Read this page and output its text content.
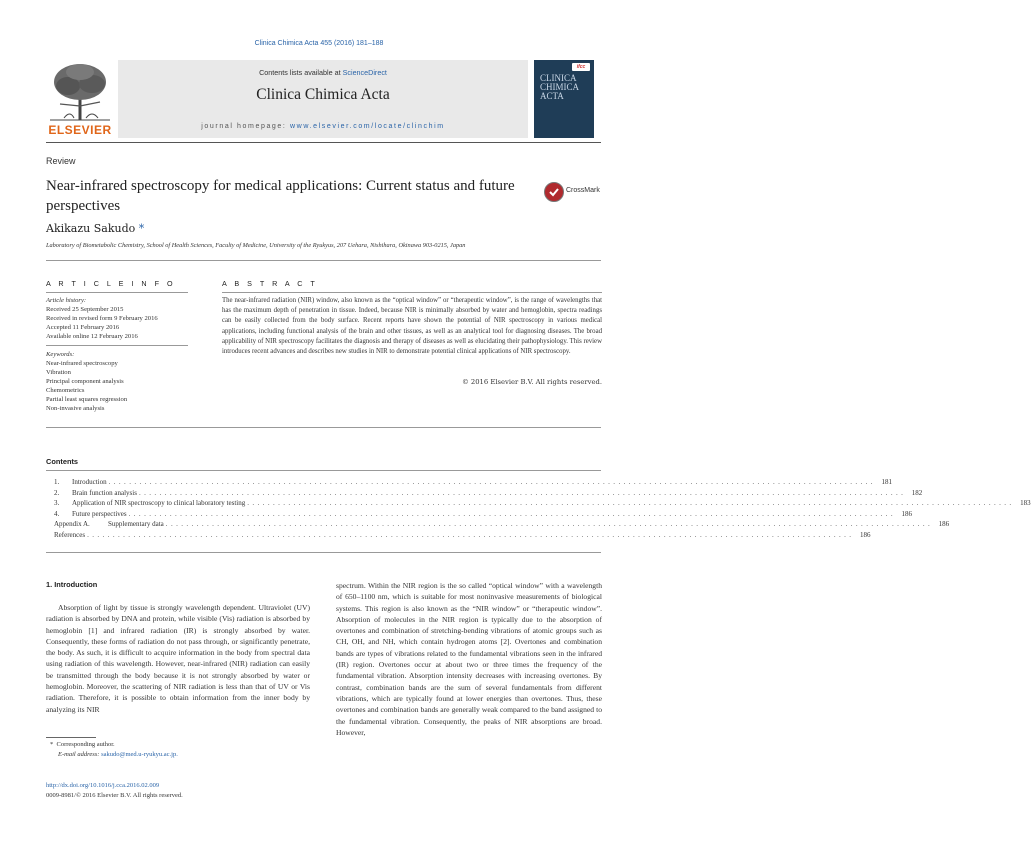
Clinica Chimica Acta 455 (2016) 181–188
ELSEVIER
Contents lists available at ScienceDirect
Clinica Chimica Acta
journal homepage: www.elsevier.com/locate/clinchim
ifcc
CLINICA CHIMICA ACTA
Review
Near-infrared spectroscopy for medical applications: Current status and future perspectives
CrossMark
Akikazu Sakudo *
Laboratory of Biometabolic Chemistry, School of Health Sciences, Faculty of Medicine, University of the Ryukyus, 207 Uehara, Nishihara, Okinawa 903-0215, Japan
A R T I C L E I N F O	A B S T R A C T
Article history:
Received 25 September 2015
Received in revised form 9 February 2016
Accepted 11 February 2016
Available online 12 February 2016
Keywords:
Near-infrared spectroscopy
Vibration
Principal component analysis
Chemometrics
Partial least squares regression
Non-invasive analysis
The near-infrared radiation (NIR) window, also known as the “optical window” or “therapeutic window”, is the range of wavelengths that has the maximum depth of penetration in tissue. Indeed, because NIR is minimally absorbed by water and hemoglobin, spectra readings can be easily collected from the body surface. Recent reports have shown the potential of NIR spectroscopy in various medical applications, including functional analysis of the brain and other tissues, as well as an analytical tool for diagnosing diseases. The broad applicability of NIR spectroscopy facilitates the diagnosis and therapy of diseases as well as elucidating their pathophysiology. This review introduces recent advances and describes new studies in NIR to demonstrate potential clinical applications of NIR spectroscopy.
© 2016 Elsevier B.V. All rights reserved.
Contents
1.	Introduction ..................................................................................................................................................... 181
2.	Brain function analysis ..................................................................................................................................................... 182
3.	Application of NIR spectroscopy to clinical laboratory testing ..................................................................................................................................................... 183
4.	Future perspectives ..................................................................................................................................................... 186
Appendix A.	Supplementary data ..................................................................................................................................................... 186
References ..................................................................................................................................................... 186
1. Introduction
Absorption of light by tissue is strongly wavelength dependent. Ultraviolet (UV) radiation is absorbed by DNA and protein, while visible (Vis) radiation is absorbed by hemoglobin [1] and infrared radiation (IR) is strongly absorbed by water. Consequently, these forms of radiation do not pass through, or significantly penetrate, the body. As such, it is difficult to acquire information in the body from spectral data using radiation of this wavelength. However, near-infrared (NIR) radiation can easily be transmitted through the body because it is not strongly absorbed by water or hemoglobin. Moreover, the scattering of NIR radiation is less than that of UV or Vis radiation. Therefore, it is possible to obtain information from the inner body by analyzing its NIR
spectrum. Within the NIR region is the so called “optical window” with a wavelength of 650–1100 nm, which is suitable for most noninvasive measurements of biological systems. This region is also known as the “NIR window” or “therapeutic window”. Absorption of molecules in the NIR region is typically due to the absorption of overtones and combination of stretching-bending vibrations of atomic groups such as CH, OH, and NH, which contain hydrogen atoms [2]. Overtones and combination bands are types of vibrations related to the fundamental vibrations seen in the infrared (IR) region. Overtones occur at about two or three times the frequency of the fundamental vibration. Absorption intensity decreases with increasing overtones. By contrast, combination bands are the sum of several fundamentals from different vibrations, which are typically found at lower energies than overtones. Thus, these overtones and combination bands are generally weak compared to the band assigned to the fundamental vibration. Consequently, the peaks of NIR absorptions are broad. However,
* Corresponding author.
E-mail address: sakudo@med.u-ryukyu.ac.jp.
http://dx.doi.org/10.1016/j.cca.2016.02.009
0009-8981/© 2016 Elsevier B.V. All rights reserved.
